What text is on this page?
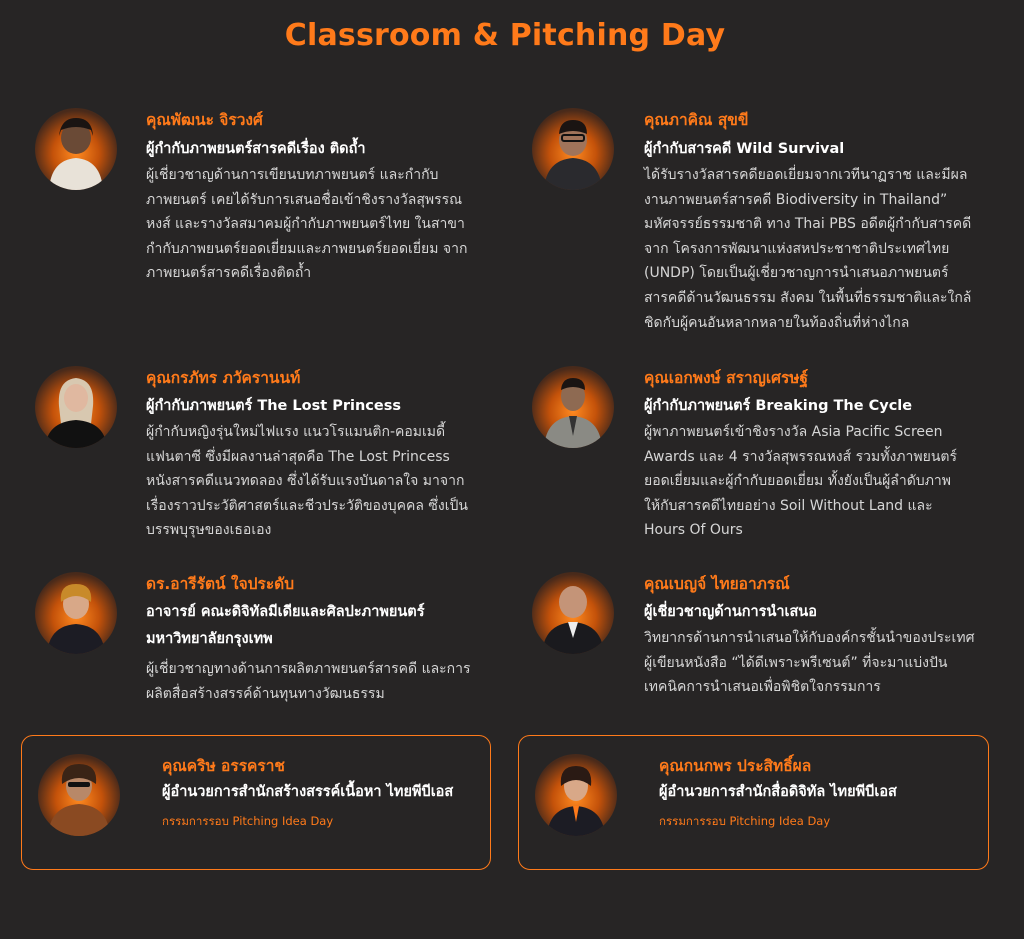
Classroom & Pitching Day
คุณพัฒนะ จิรวงศ์
ผู้กำกับภาพยนตร์สารคดีเรื่อง ติดถ้ำ
ผู้เชี่ยวชาญด้านการเขียนบทภาพยนตร์ และกำกับ
ภาพยนตร์ เคยได้รับการเสนอชื่อเข้าชิงรางวัลสุพรรณ
หงส์ และรางวัลสมาคมผู้กำกับภาพยนตร์ไทย ในสาขา
กำกับภาพยนตร์ยอดเยี่ยมและภาพยนตร์ยอดเยี่ยม จาก
ภาพยนตร์สารคดีเรื่องติดถ้ำ
คุณภาคิณ สุขขี
ผู้กำกับสารคดี Wild Survival
ได้รับรางวัลสารคดียอดเยี่ยมจากเวทีนาฏราช และมีผล
งานภาพยนตร์สารคดี Biodiversity in Thailand”
มหัศจรรย์ธรรมชาติ ทาง Thai PBS อดีตผู้กำกับสารคดี
จาก โครงการพัฒนาแห่งสหประชาชาติประเทศไทย
(UNDP) โดยเป็นผู้เชี่ยวชาญการนำเสนอภาพยนตร์
สารคดีด้านวัฒนธรรม สังคม ในพื้นที่ธรรมชาติและใกล้
ชิดกับผู้คนอันหลากหลายในท้องถิ่นที่ห่างไกล
คุณกรภัทร ภวัครานนท์
ผู้กำกับภาพยนตร์ The Lost Princess
ผู้กำกับหญิงรุ่นใหม่ไฟแรง แนวโรแมนติก-คอมเมดี้
แฟนตาซี ซึ่งมีผลงานล่าสุดคือ The Lost Princess
หนังสารคดีแนวทดลอง ซึ่งได้รับแรงบันดาลใจ มาจาก
เรื่องราวประวัติศาสตร์และชีวประวัติของบุคคล ซึ่งเป็น
บรรพบุรุษของเธอเอง
คุณเอกพงษ์ สราญเศรษฐ์
ผู้กำกับภาพยนตร์ Breaking The Cycle
ผู้พาภาพยนตร์เข้าชิงรางวัล Asia Pacific Screen
Awards และ 4 รางวัลสุพรรณหงส์ รวมทั้งภาพยนตร์
ยอดเยี่ยมและผู้กำกับยอดเยี่ยม ทั้งยังเป็นผู้ลำดับภาพ
ให้กับสารคดีไทยอย่าง Soil Without Land และ
Hours Of Ours
ดร.อารีรัตน์ ใจประดับ
อาจารย์ คณะดิจิทัลมีเดียและศิลปะภาพยนตร์
มหาวิทยาลัยกรุงเทพ
ผู้เชี่ยวชาญทางด้านการผลิตภาพยนตร์สารคดี และการ
ผลิตสื่อสร้างสรรค์ด้านทุนทางวัฒนธรรม
คุณเบญจ์ ไทยอาภรณ์
ผู้เชี่ยวชาญด้านการนำเสนอ
วิทยากรด้านการนำเสนอให้กับองค์กรชั้นนำของประเทศ
ผู้เขียนหนังสือ “ได้ดีเพราะพรีเซนต์” ที่จะมาแบ่งปัน
เทคนิคการนำเสนอเพื่อพิชิตใจกรรมการ
คุณคริษ อรรคราช
ผู้อำนวยการสำนักสร้างสรรค์เนื้อหา ไทยพีบีเอส
กรรมการรอบ Pitching Idea Day
คุณกนกพร ประสิทธิ์ผล
ผู้อำนวยการสำนักสื่อดิจิทัล ไทยพีบีเอส
กรรมการรอบ Pitching Idea Day
